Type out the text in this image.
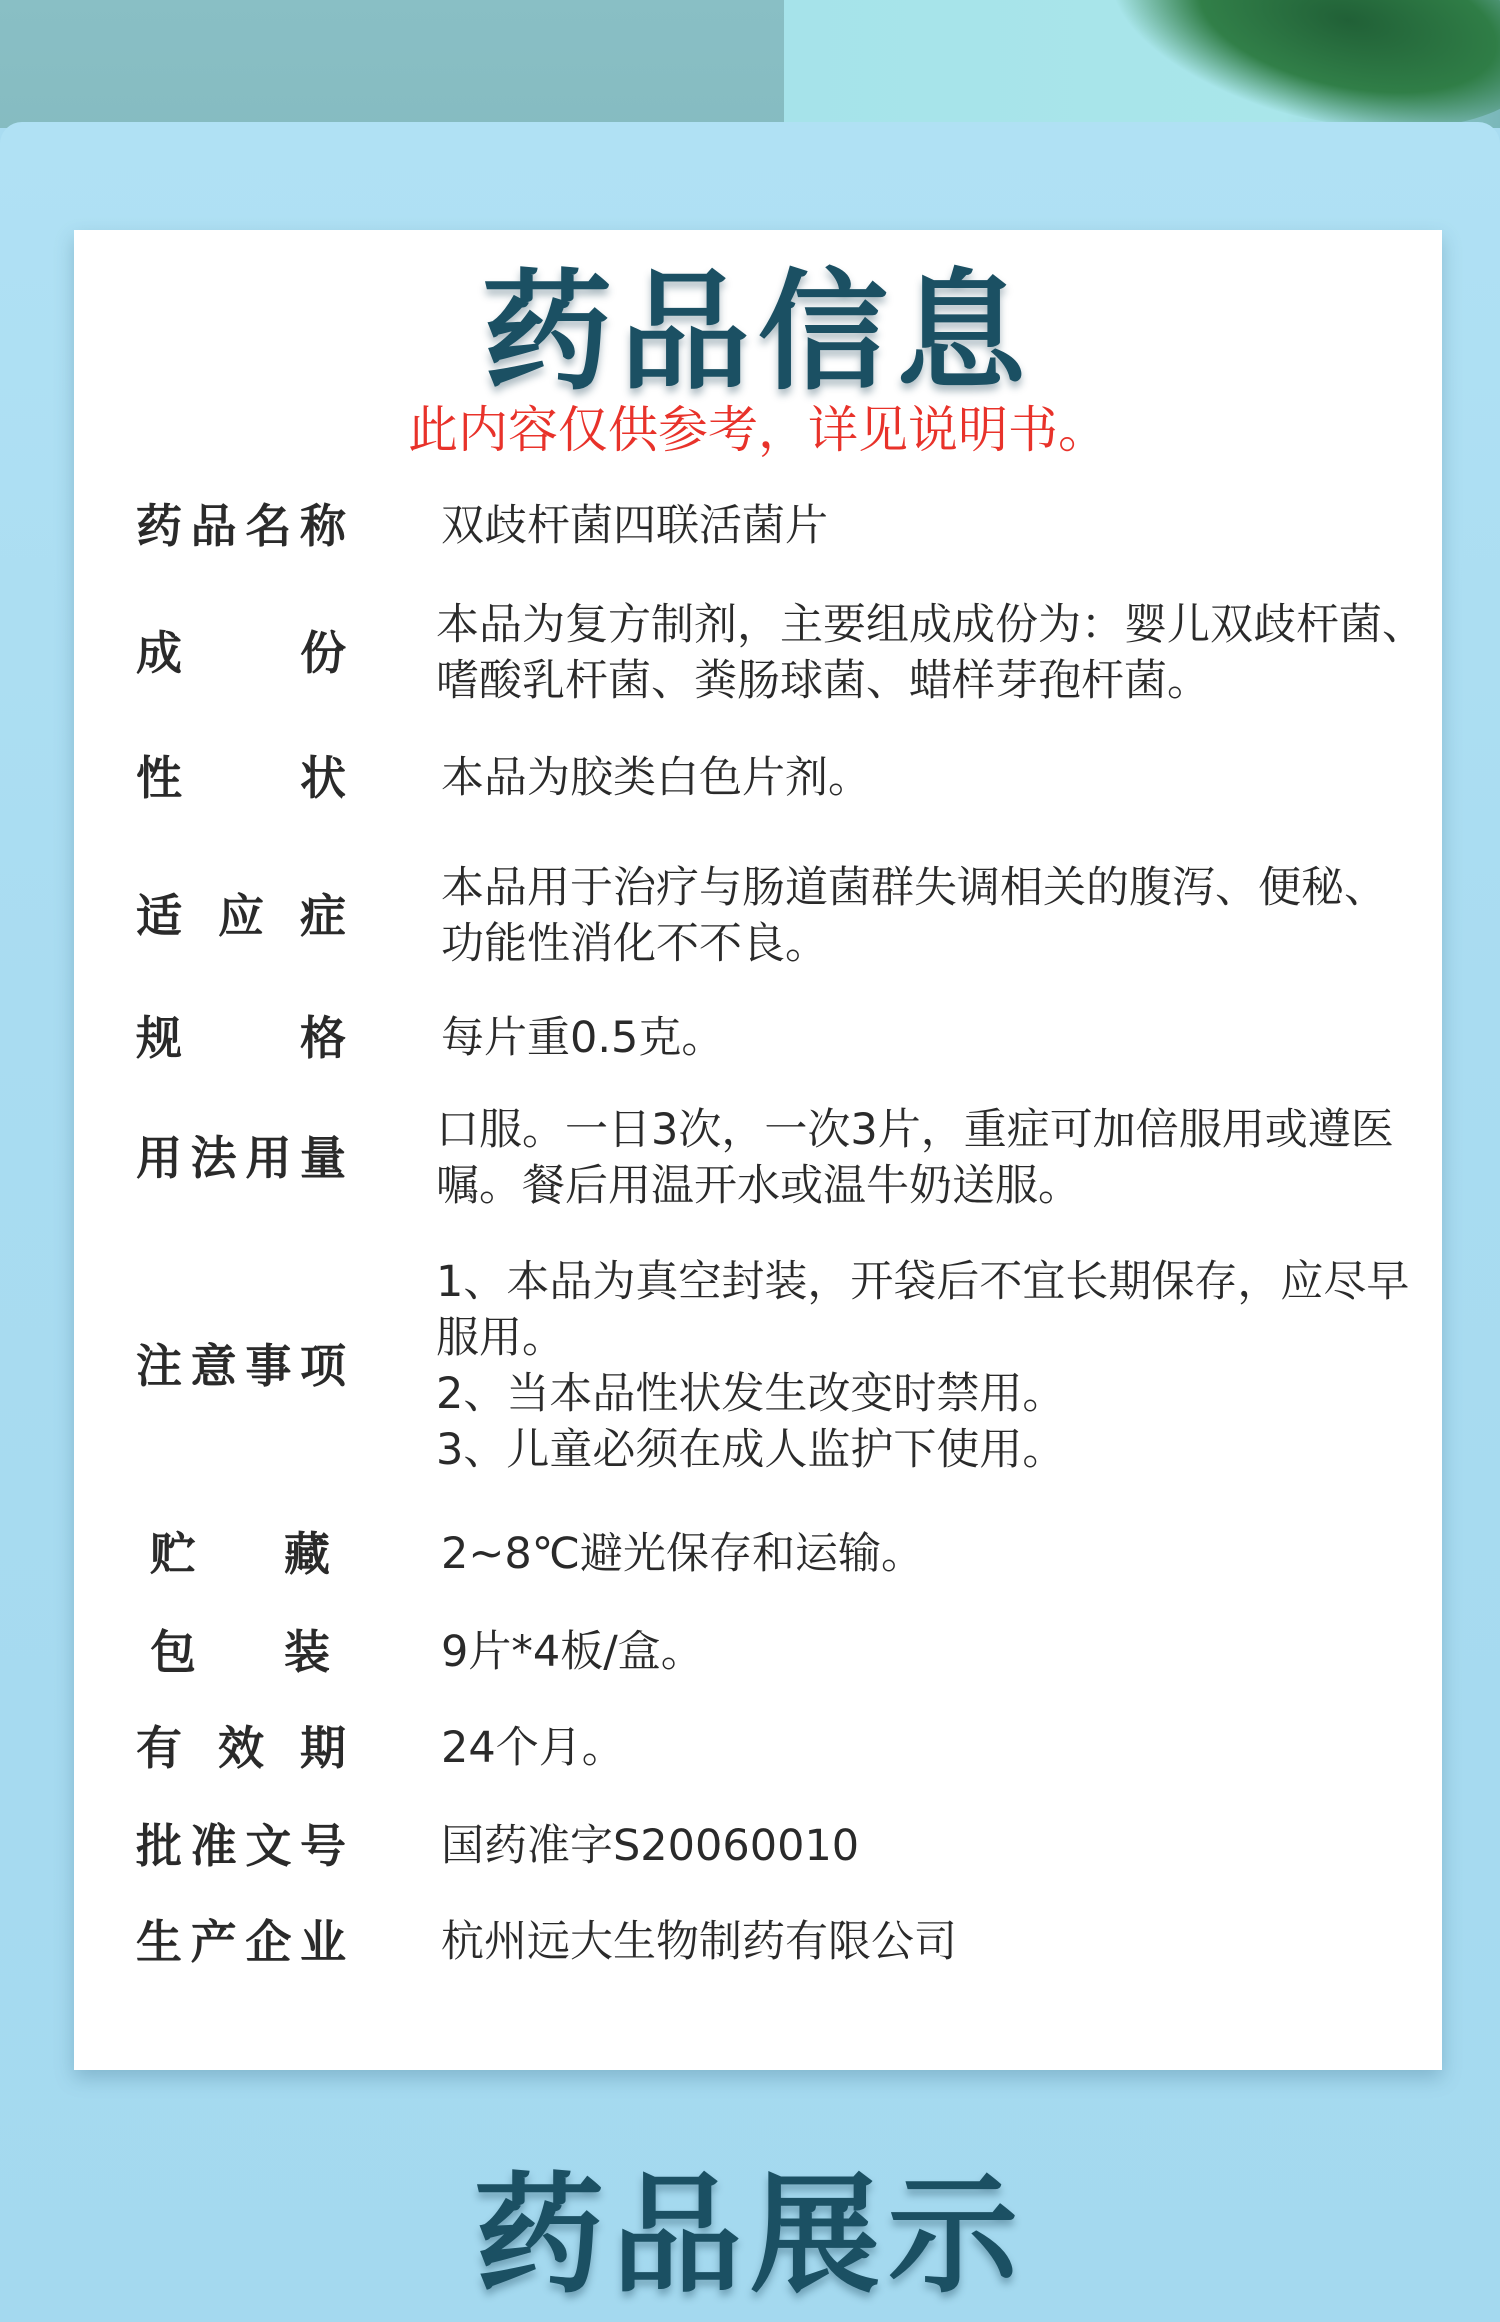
药品信息
此内容仅供参考，详见说明书。
药品名称 双歧杆菌四联活菌片
成份
本品为复方制剂，主要组成成份为：婴儿双歧杆菌、
嗜酸乳杆菌、粪肠球菌、蜡样芽孢杆菌。
性状 本品为胶类白色片剂。
适应症
本品用于治疗与肠道菌群失调相关的腹泻、便秘、
功能性消化不不良。
规格 每片重0.5克。
用法用量
口服。一日3次，一次3片，重症可加倍服用或遵医
嘱。餐后用温开水或温牛奶送服。
注意事项
1、本品为真空封装，开袋后不宜长期保存，应尽早
服用。
2、当本品性状发生改变时禁用。
3、儿童必须在成人监护下使用。
贮藏	2~8℃避光保存和运输。
包装	9片*4板/盒。
有效期 24个月。
批准文号 国药准字S20060010
生产企业 杭州远大生物制药有限公司
药品展示
